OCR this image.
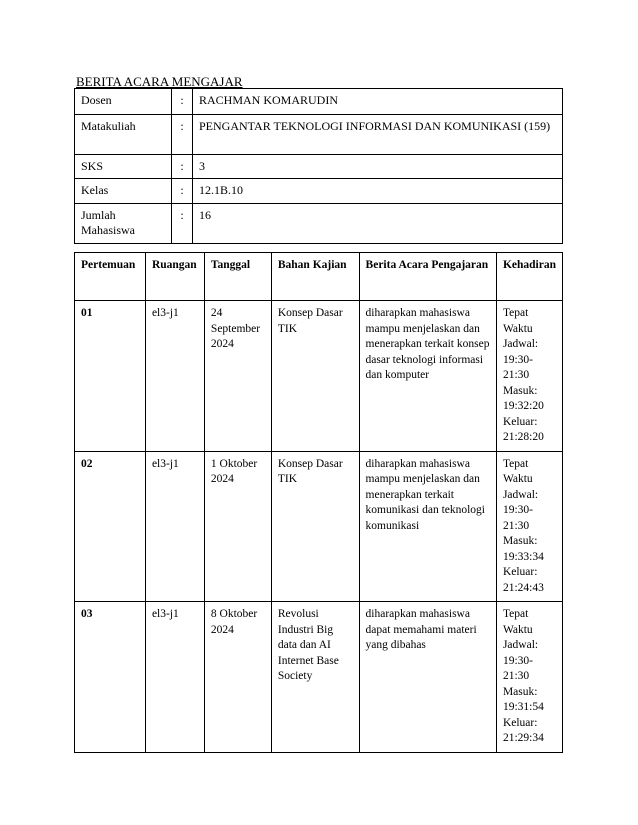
BERITA ACARA MENGAJAR
Dosen	:	RACHMAN KOMARUDIN
Matakuliah	:	PENGANTAR TEKNOLOGI INFORMASI DAN KOMUNIKASI (159)
SKS	:	3
Kelas	:	12.1B.10
Jumlah Mahasiswa	:	16
Pertemuan	Ruangan	Tanggal	Bahan Kajian	Berita Acara Pengajaran	Kehadiran
01	el3-j1	24 September 2024	Konsep Dasar TIK	diharapkan mahasiswa mampu menjelaskan dan menerapkan terkait konsep dasar teknologi informasi dan komputer	Tepat Waktu Jadwal: 19:30-21:30 Masuk: 19:32:20 Keluar: 21:28:20
02	el3-j1	1 Oktober 2024	Konsep Dasar TIK	diharapkan mahasiswa mampu menjelaskan dan menerapkan terkait komunikasi dan teknologi komunikasi	Tepat Waktu Jadwal: 19:30-21:30 Masuk: 19:33:34 Keluar: 21:24:43
03	el3-j1	8 Oktober 2024	Revolusi Industri Big data dan AI Internet Base Society	diharapkan mahasiswa dapat memahami materi yang dibahas	Tepat Waktu Jadwal: 19:30-21:30 Masuk: 19:31:54 Keluar: 21:29:34
